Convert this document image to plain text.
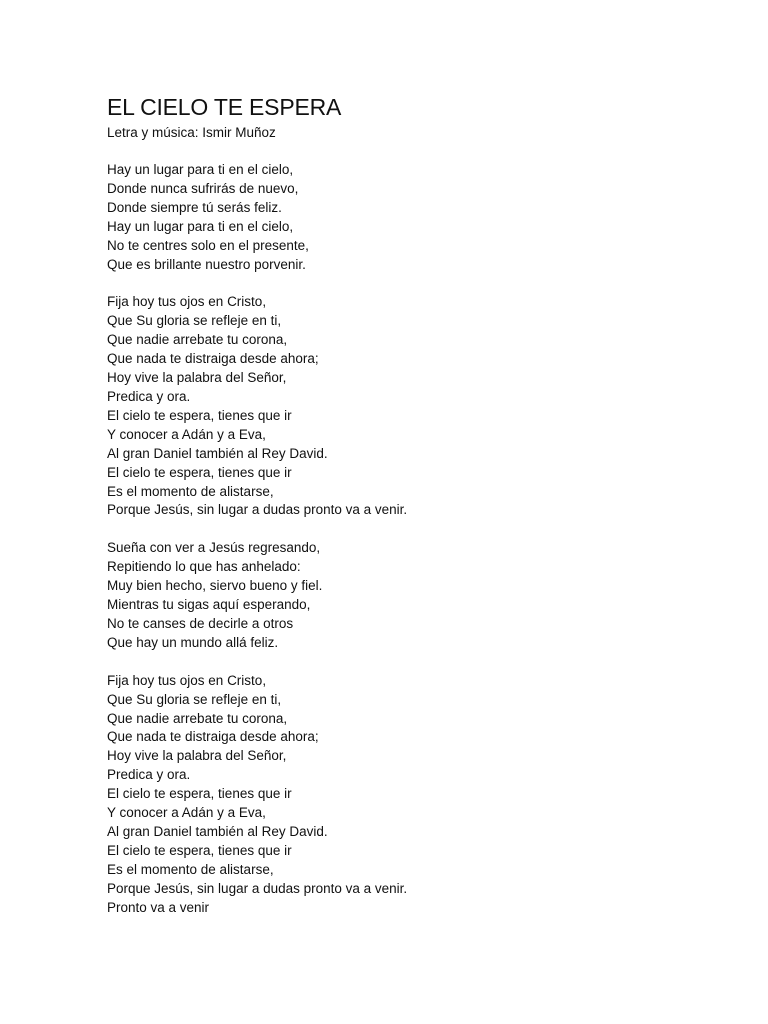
EL CIELO TE ESPERA

Letra y música: Ismir Muñoz

Hay un lugar para ti en el cielo,

Donde nunca sufrirás de nuevo,

Donde siempre tú serás feliz.

Hay un lugar para ti en el cielo,

No te centres solo en el presente,

Que es brillante nuestro porvenir.

Fija hoy tus ojos en Cristo,

Que Su gloria se refleje en ti,

Que nadie arrebate tu corona,

Que nada te distraiga desde ahora;

Hoy vive la palabra del Señor,

Predica y ora.

El cielo te espera, tienes que ir

Y conocer a Adán y a Eva,

Al gran Daniel también al Rey David.

El cielo te espera, tienes que ir

Es el momento de alistarse,

Porque Jesús, sin lugar a dudas pronto va a venir.

Sueña con ver a Jesús regresando,

Repitiendo lo que has anhelado:

Muy bien hecho, siervo bueno y fiel.

Mientras tu sigas aquí esperando,

No te canses de decirle a otros

Que hay un mundo allá feliz.

Fija hoy tus ojos en Cristo,

Que Su gloria se refleje en ti,

Que nadie arrebate tu corona,

Que nada te distraiga desde ahora;

Hoy vive la palabra del Señor,

Predica y ora.

El cielo te espera, tienes que ir

Y conocer a Adán y a Eva,

Al gran Daniel también al Rey David.

El cielo te espera, tienes que ir

Es el momento de alistarse,

Porque Jesús, sin lugar a dudas pronto va a venir.

Pronto va a venir
